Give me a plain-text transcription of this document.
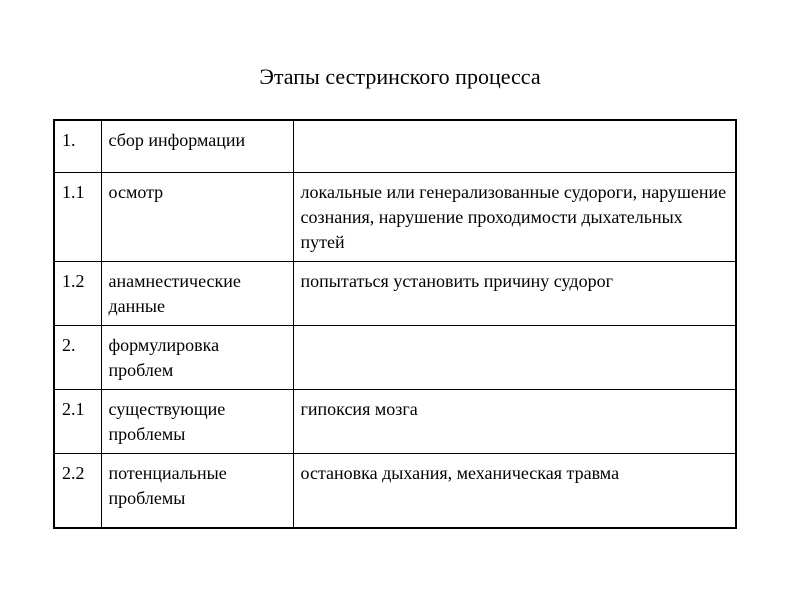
Этапы сестринского процесса
1.	сбор информации	
1.1	осмотр	локальные или генерализованные судороги, нарушение сознания, нарушение проходимости дыхательных путей
1.2	анамнестические данные	попытаться установить причину судорог
2.	формулировка проблем	
2.1	существующие проблемы	гипоксия мозга
2.2	потенциальные проблемы	остановка дыхания, механическая травма
